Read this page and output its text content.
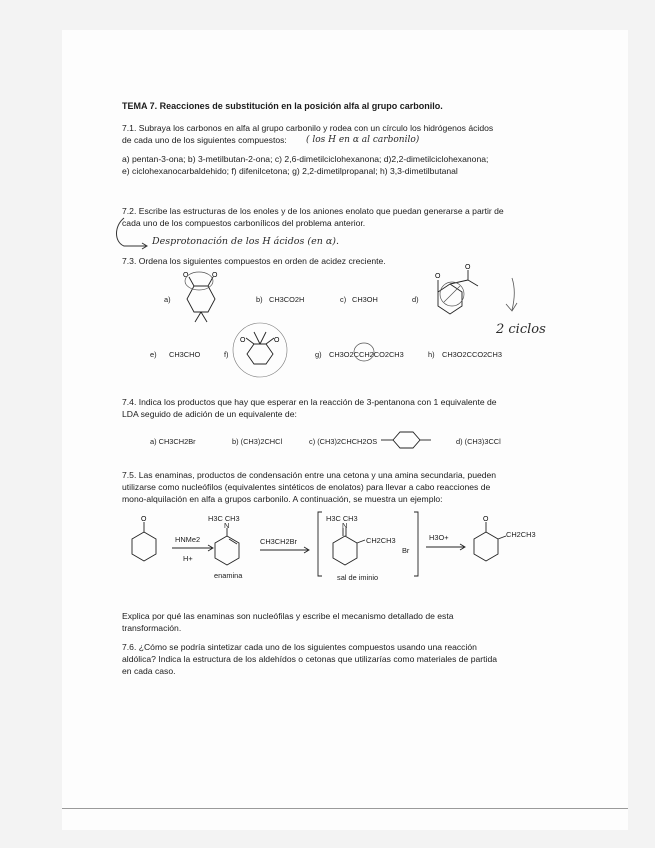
TEMA 7. Reacciones de substitución en la posición alfa al grupo carbonilo.
7.1. Subraya los carbonos en alfa al grupo carbonilo y rodea con un círculo los hidrógenos ácidos
de cada uno de los siguientes compuestos: ( los H en α al carbonilo)
a) pentan-3-ona; b) 3-metilbutan-2-ona; c) 2,6-dimetilciclohexanona; d)2,2-dimetilciclohexanona;
e) ciclohexanocarbaldehido; f) difenilcetona; g) 2,2-dimetilpropanal; h) 3,3-dimetilbutanal
7.2. Escribe las estructuras de los enoles y de los aniones enolato que puedan generarse a partir de
cada uno de los compuestos carbonílicos del problema anterior.
Desprotonación de los H ácidos (en α).
7.3. Ordena los siguientes compuestos en orden de acidez creciente.
a)
O	O
b) CH3CO2H	c) CH3OH	d)
O
O
2 ciclos
e) CH3CHO	f)
O	O
g) CH3O2CCH2CO2CH3	h) CH3O2CCO2CH3
7.4. Indica los productos que hay que esperar en la reacción de 3-pentanona con 1 equivalente de
LDA seguido de adición de un equivalente de:
a) CH3CH2Br	b) (CH3)2CHCl	c) (CH3)2CHCH2OS	d) (CH3)3CCl
7.5. Las enaminas, productos de condensación entre una cetona y una amina secundaria, pueden
utilizarse como nucleófilos (equivalentes sintéticos de enolatos) para llevar a cabo reacciones de
mono-alquilación en alfa a grupos carbonilo. A continuación, se muestra un ejemplo:
O
HNMe2
H+
H3C CH3
N
enamina
CH3CH2Br
H3C CH3
N
CH2CH3
Br
sal de iminio
H3O+
O
CH2CH3
Explica por qué las enaminas son nucleófilas y escribe el mecanismo detallado de esta
transformación.
7.6. ¿Cómo se podría sintetizar cada uno de los siguientes compuestos usando una reacción
aldólica? Indica la estructura de los aldehídos o cetonas que utilizarías como materiales de partida
en cada caso.
